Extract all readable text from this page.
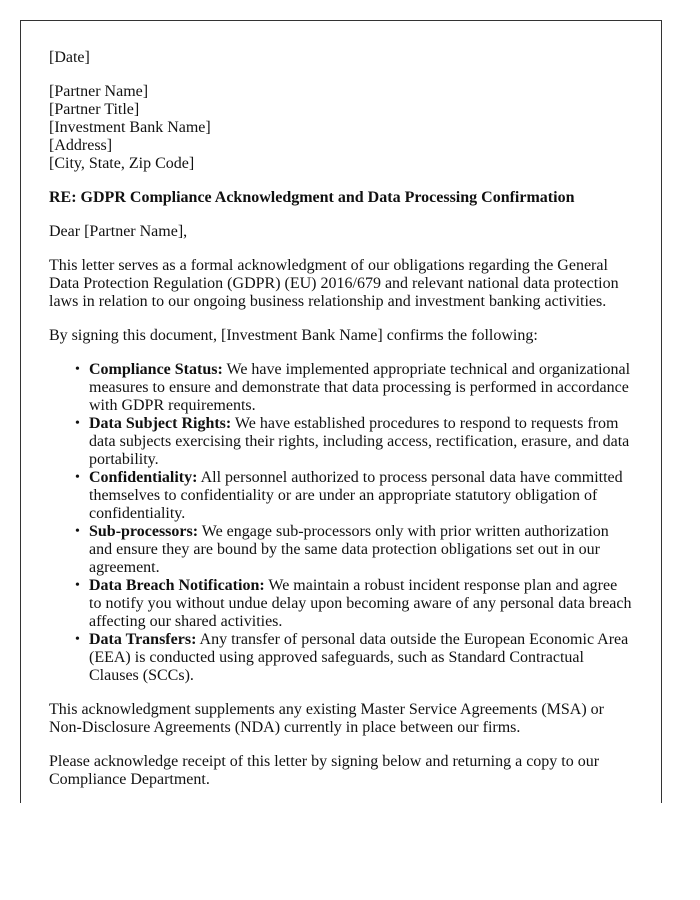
[Date]

[Partner Name]
[Partner Title]
[Investment Bank Name]
[Address]
[City, State, Zip Code]

RE: GDPR Compliance Acknowledgment and Data Processing Confirmation

Dear [Partner Name],

This letter serves as a formal acknowledgment of our obligations regarding the General Data Protection Regulation (GDPR) (EU) 2016/679 and relevant national data protection laws in relation to our ongoing business relationship and investment banking activities.

By signing this document, [Investment Bank Name] confirms the following:

• Compliance Status: We have implemented appropriate technical and organizational measures to ensure and demonstrate that data processing is performed in accordance with GDPR requirements.
• Data Subject Rights: We have established procedures to respond to requests from data subjects exercising their rights, including access, rectification, erasure, and data portability.
• Confidentiality: All personnel authorized to process personal data have committed themselves to confidentiality or are under an appropriate statutory obligation of confidentiality.
• Sub-processors: We engage sub-processors only with prior written authorization and ensure they are bound by the same data protection obligations set out in our agreement.
• Data Breach Notification: We maintain a robust incident response plan and agree to notify you without undue delay upon becoming aware of any personal data breach affecting our shared activities.
• Data Transfers: Any transfer of personal data outside the European Economic Area (EEA) is conducted using approved safeguards, such as Standard Contractual Clauses (SCCs).

This acknowledgment supplements any existing Master Service Agreements (MSA) or Non-Disclosure Agreements (NDA) currently in place between our firms.

Please acknowledge receipt of this letter by signing below and returning a copy to our Compliance Department.
